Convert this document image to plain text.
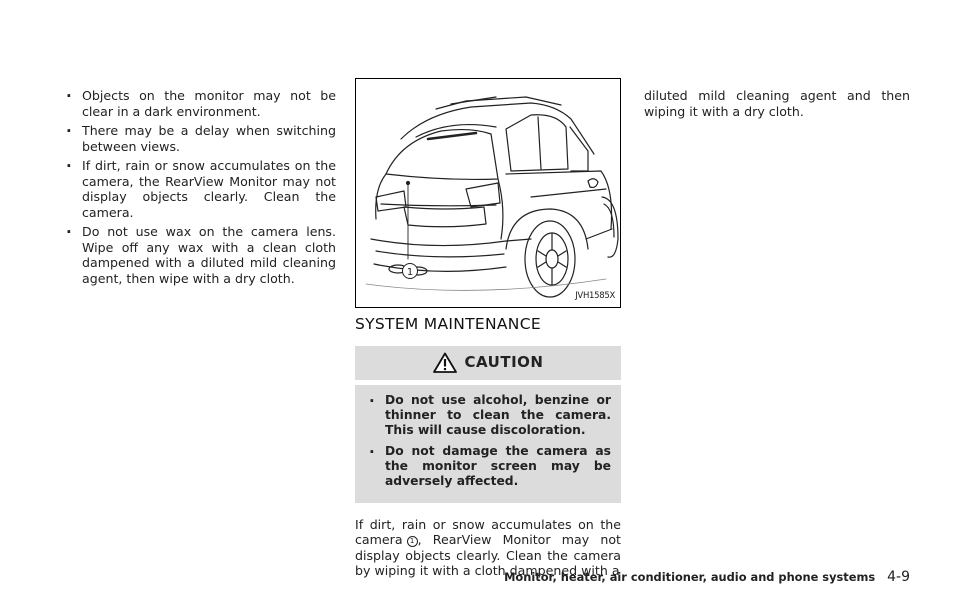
. Objects on the monitor may not be clear in a dark environment.
. There may be a delay when switching between views.
. If dirt, rain or snow accumulates on the camera, the RearView Monitor may not display objects clearly. Clean the camera.
. Do not use wax on the camera lens. Wipe off any wax with a clean cloth dampened with a diluted mild cleaning agent, then wipe with a dry cloth.	1
JVH1585X
SYSTEM MAINTENANCE
CAUTION
. Do not use alcohol, benzine or thinner to clean the camera. This will cause discoloration.
. Do not damage the camera as the monitor screen may be adversely affected.

If dirt, rain or snow accumulates on the camera 1 , RearView Monitor may not display objects clearly. Clean the camera by wiping it with a cloth dampened with a

diluted mild cleaning agent and then wiping it with a dry cloth.

Monitor, heater, air conditioner, audio and phone systems 4-9
